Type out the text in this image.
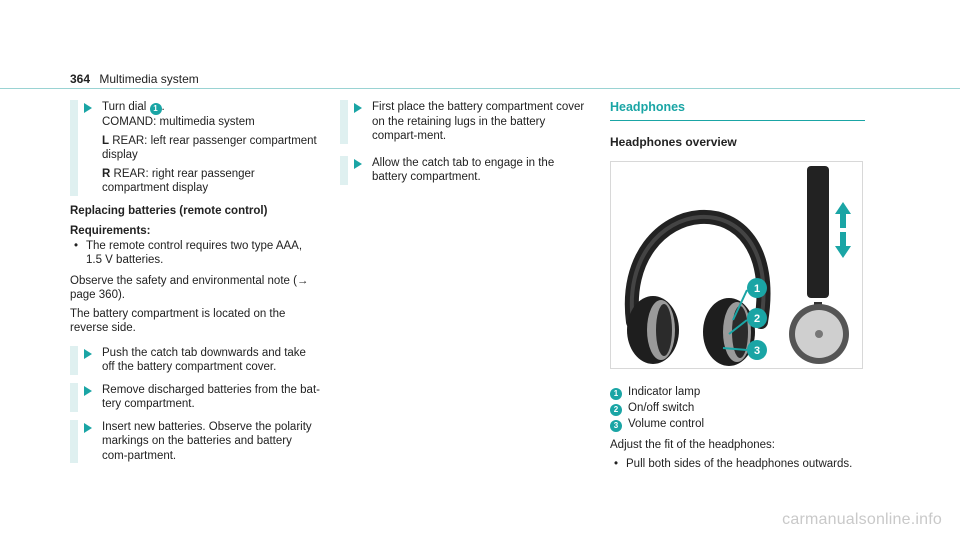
364 Multimedia sy​stem

Turn dial 1 .

COMAND: multimedia sy​stem

L REAR: left rear passenger compartment display

R REAR: right rear passenger compartment display

Replacing batteries (remote control)
Requirements:
• The remote control requires two type AAA, 1.5 V batteries.

Observe the safety and environmental note (→ page 360).

The battery compartment is located on the reverse side.

Push the catch tab downwards and take off the battery compartment cover.

Remove discharged batteries from the bat‐tery compartment.

Insert new batteries. Observe the polarity markings on the batteries and battery com‐partment.

First place the battery compartment cover on the retaining lugs in the battery compart‐ment.

Allow the catch tab to engage in the battery compartment.

Headphones
Headphones overview
1
2
3
1 Indicator lamp
2 On/off switch
3 Volume control

Adjust the fit of the headphones:

• Pull both sides of the headphones outwards.
carmanualsonline.info
